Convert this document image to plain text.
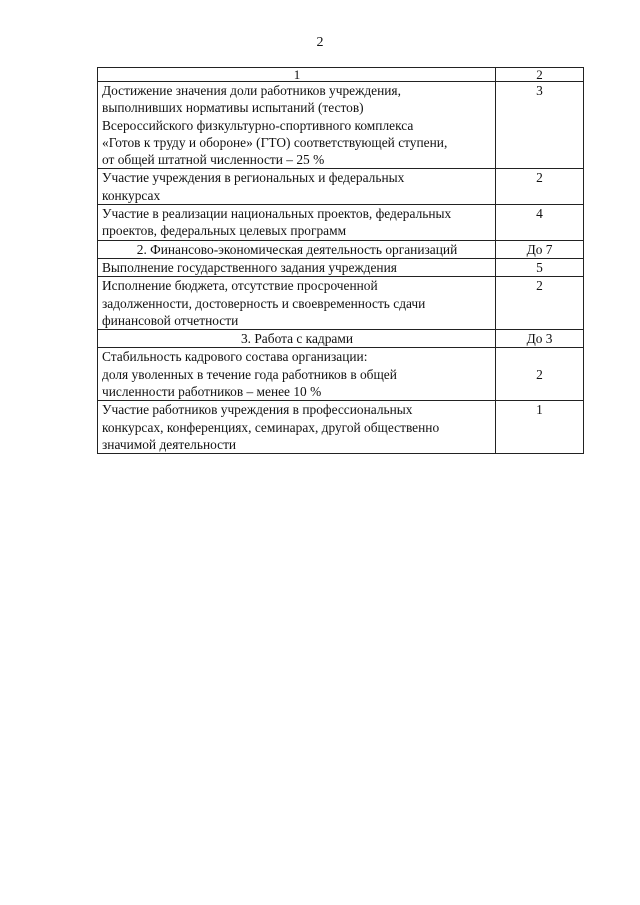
2
1	2
Достижение значения доли работников учреждения,
выполнивших нормативы испытаний (тестов)
Всероссийского физкультурно-спортивного комплекса
«Готов к труду и обороне» (ГТО) соответствующей ступени,
от общей штатной численности – 25 %	3
Участие учреждения в региональных и федеральных
конкурсах	2
Участие в реализации национальных проектов, федеральных
проектов, федеральных целевых программ	4
2. Финансово-экономическая деятельность организаций	До 7
Выполнение государственного задания учреждения	5
Исполнение бюджета, отсутствие просроченной
задолженности, достоверность и своевременность сдачи
финансовой отчетности	2
3. Работа с кадрами	До 3
Стабильность кадрового состава организации:
доля уволенных в течение года работников в общей
численности работников – менее 10 %	2
Участие работников учреждения в профессиональных
конкурсах, конференциях, семинарах, другой общественно
значимой деятельности	1
